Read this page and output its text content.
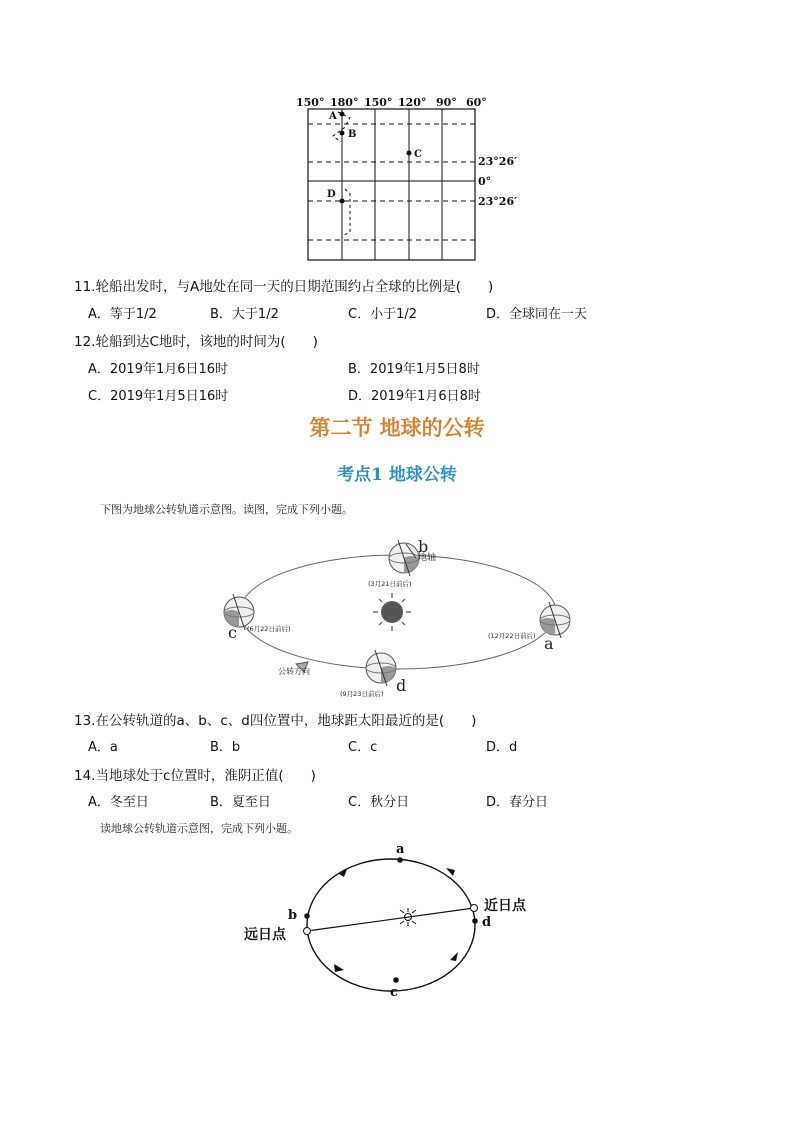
150° 180° 150° 120° 90° 60°
A
B
C
D
23°26′
0°
23°26′
11.轮船出发时，与A地处在同一天的日期范围约占全球的比例是(　　)
A．等于1/2	B．大于1/2	C．小于1/2	D．全球同在一天
12.轮船到达C地时，该地的时间为(　　)
A．2019年1月6日16时	B．2019年1月5日8时
C．2019年1月5日16时	D．2019年1月6日8时
第二节 地球的公转
考点1 地球公转
下图为地球公转轨道示意图。读图，完成下列小题。
地轴
b
(3月21日前后)
c (6月22日前后)
a
(12月22日前后)
d
(9月23日前后)
公转方向
13.在公转轨道的a、b、c、d四位置中，地球距太阳最近的是(　　)
A．a	B．b	C．c	D．d
14.当地球处于c位置时，淮阴正值(　　)
A．冬至日	B．夏至日	C．秋分日	D．春分日
读地球公转轨道示意图，完成下列小题。
a
b
c
d
近日点
远日点
